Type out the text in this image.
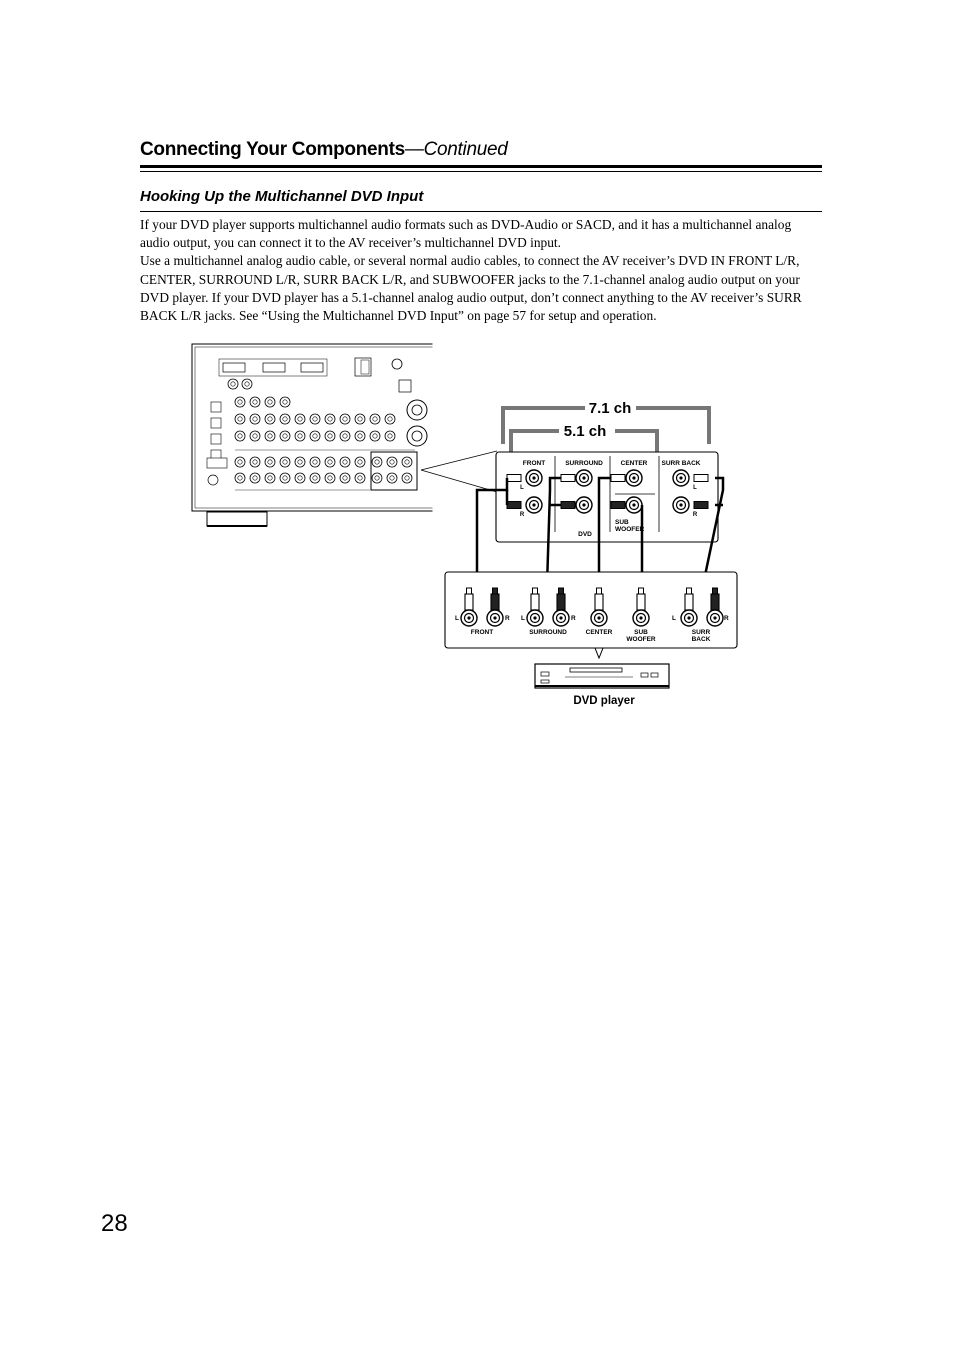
Connecting Your Components—Continued
Hooking Up the Multichannel DVD Input

If your DVD player supports multichannel audio formats such as DVD-Audio or SACD, and it has a multichannel analog audio output, you can connect it to the AV receiver’s multichannel DVD input.

Use a multichannel analog audio cable, or several normal audio cables, to connect the AV receiver’s DVD IN FRONT L/R, CENTER, SURROUND L/R, SURR BACK L/R, and SUBWOOFER jacks to the 7.1-channel analog audio output on your DVD player. If your DVD player has a 5.1-channel analog audio output, don’t connect anything to the AV receiver’s SURR BACK L/R jacks. See “Using the Multichannel DVD Input” on page 57 for setup and operation.

7.1 ch
5.1 ch
FRONT	SURROUND	CENTER SURR BACK
L
R
L
R
DVD
SUB
WOOFER
L	R L	R	L	R
FRONT	SURROUND	CENTER	SUB
WOOFER
SURR
BACK
DVD player
28
